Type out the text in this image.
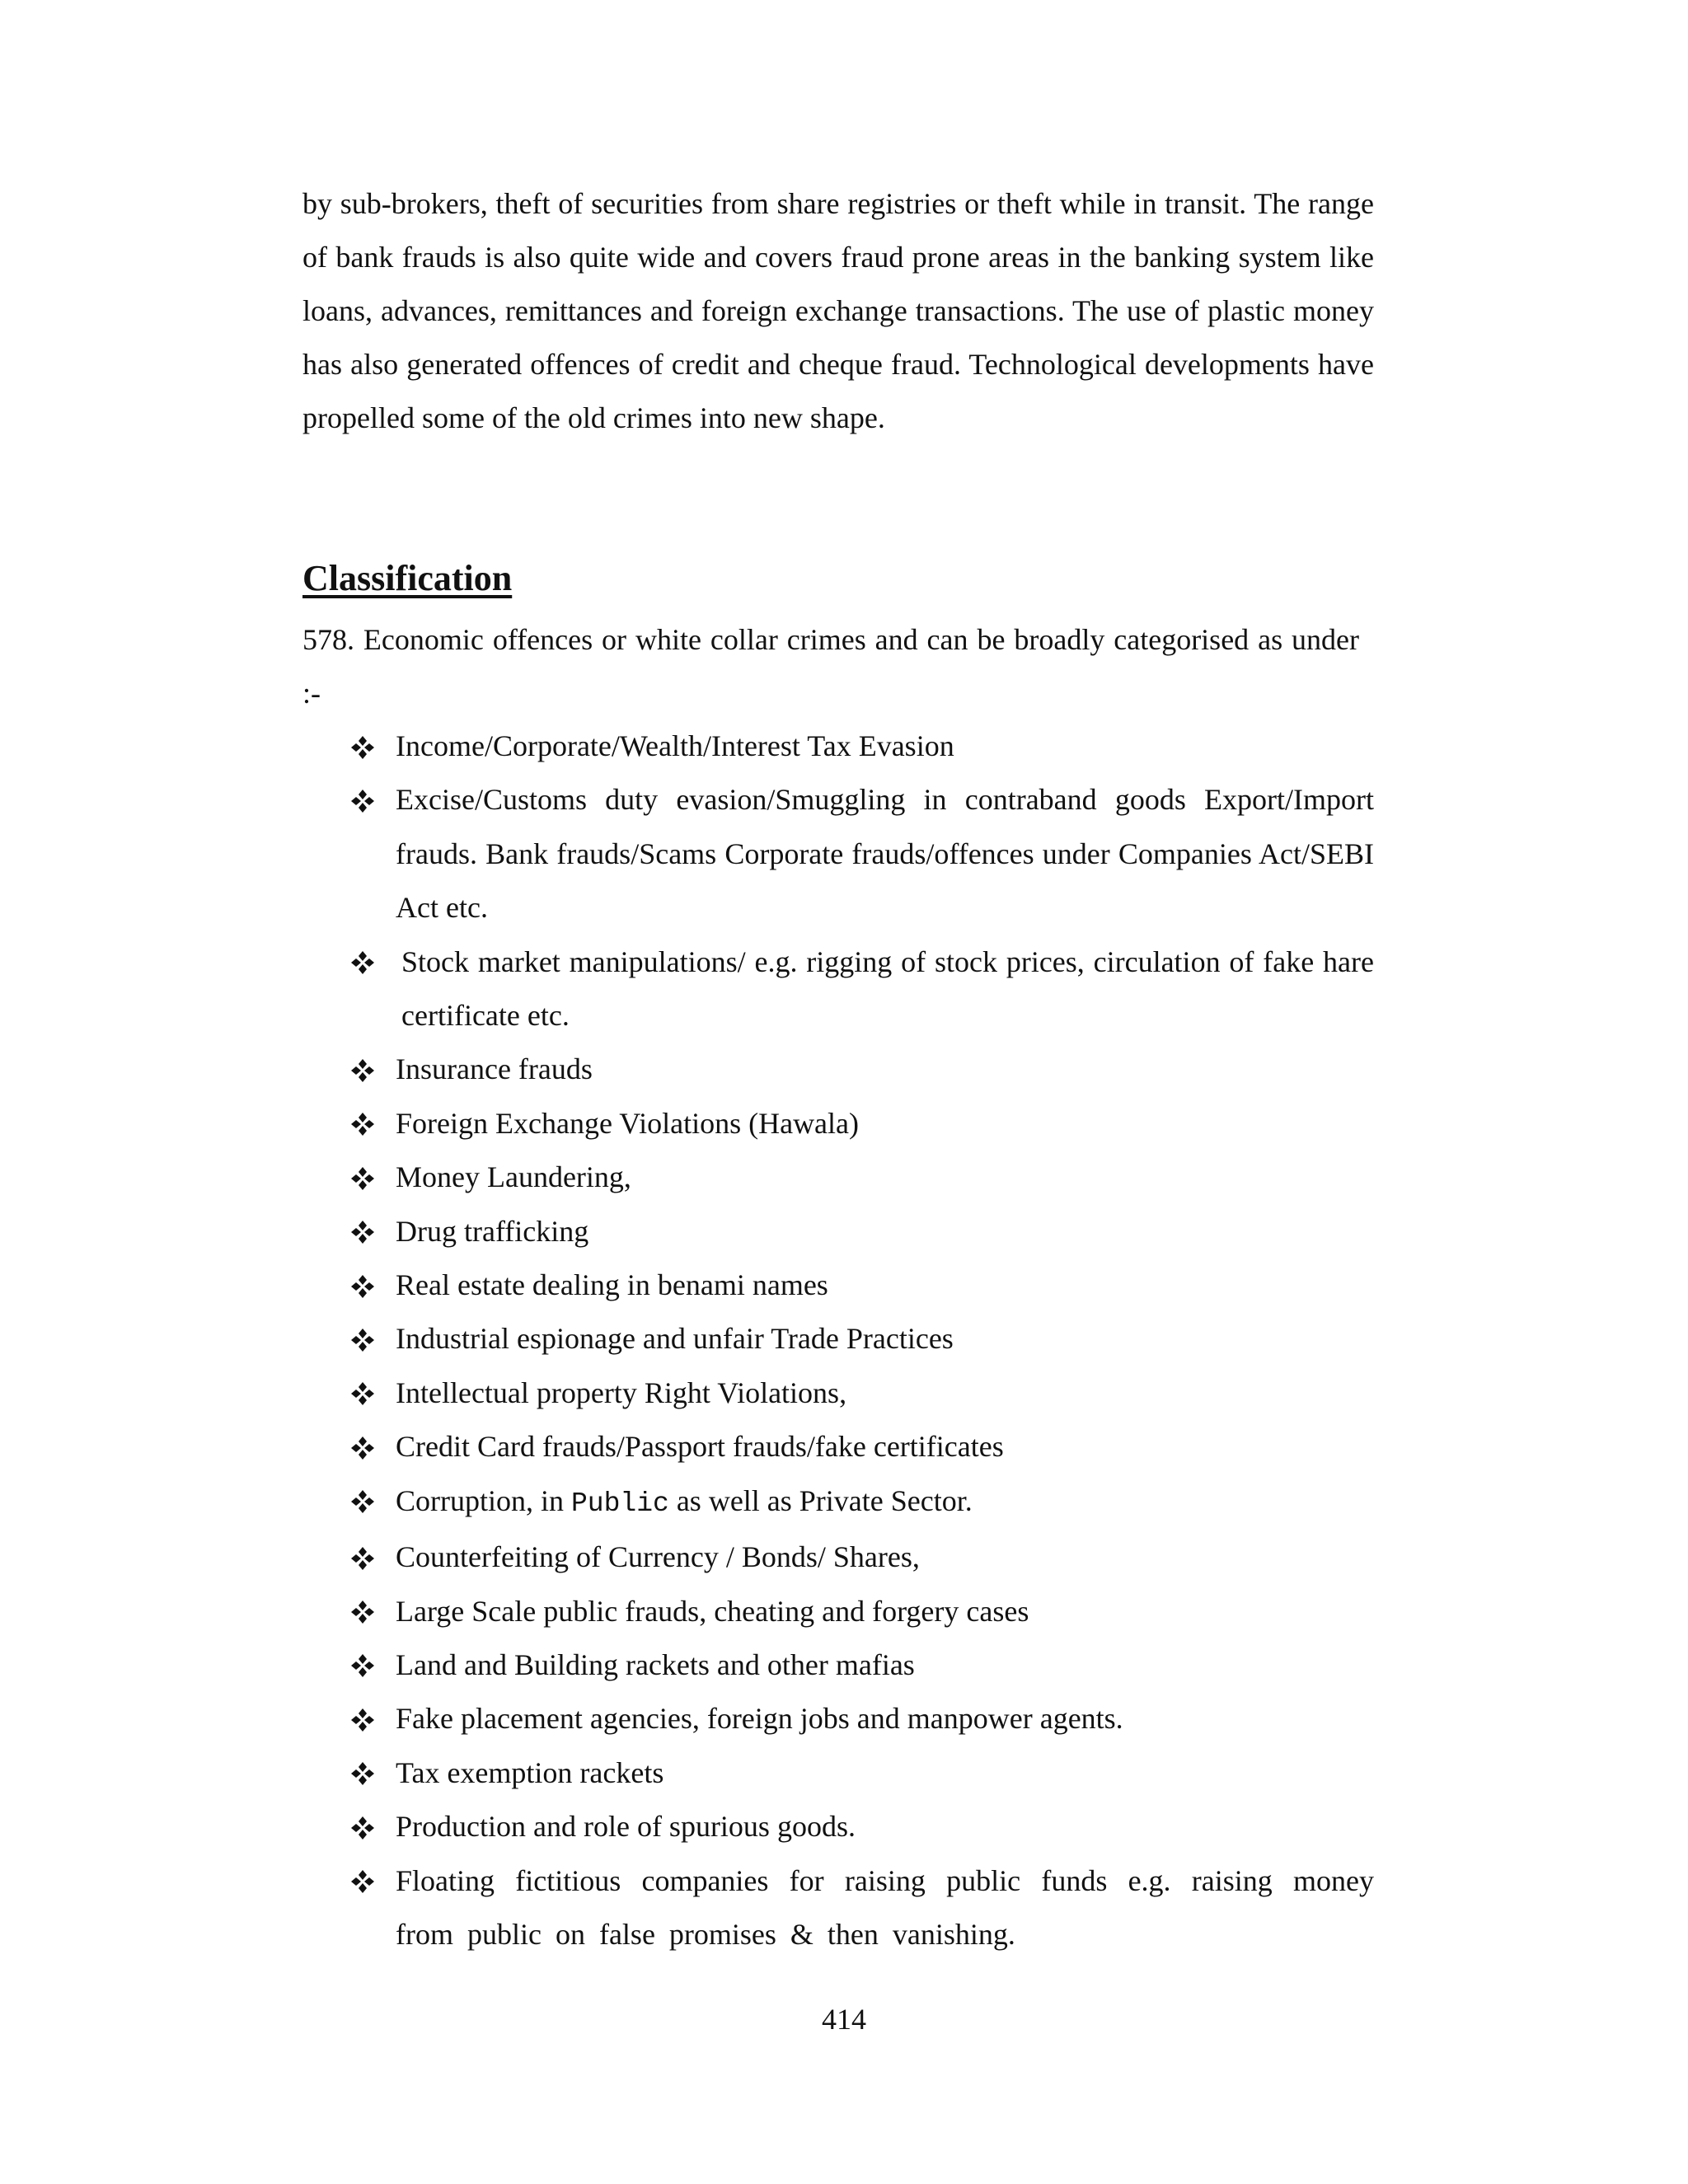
by sub-brokers, theft of securities from share registries or theft while in transit. The range of bank frauds is also quite wide and covers fraud prone areas in the banking system like loans, advances, remittances and foreign exchange transactions. The use of plastic money has also generated offences of credit and cheque fraud. Technological developments have propelled some of the old crimes into new shape.

Classification

578. Economic offences or white collar crimes and can be broadly categorised as under :-

Income/Corporate/Wealth/Interest Tax Evasion
Excise/Customs duty evasion/Smuggling in contraband goods Export/Import frauds. Bank frauds/Scams Corporate frauds/offences under Companies Act/SEBI Act etc.
Stock market manipulations/ e.g. rigging of stock prices, circulation of fake hare certificate etc.
Insurance frauds
Foreign Exchange Violations (Hawala)
Money Laundering,
Drug trafficking
Real estate dealing in benami names
Industrial espionage and unfair Trade Practices
Intellectual property Right Violations,
Credit Card frauds/Passport frauds/fake certificates
Corruption, in Public as well as Private Sector.
Counterfeiting of Currency / Bonds/ Shares,
Large Scale public frauds, cheating and forgery cases
Land and Building rackets and other mafias
Fake placement agencies, foreign jobs and manpower agents.
Tax exemption rackets
Production and role of spurious goods.
Floating fictitious companies for raising public funds e.g. raising money from public on false promises & then vanishing.
414
